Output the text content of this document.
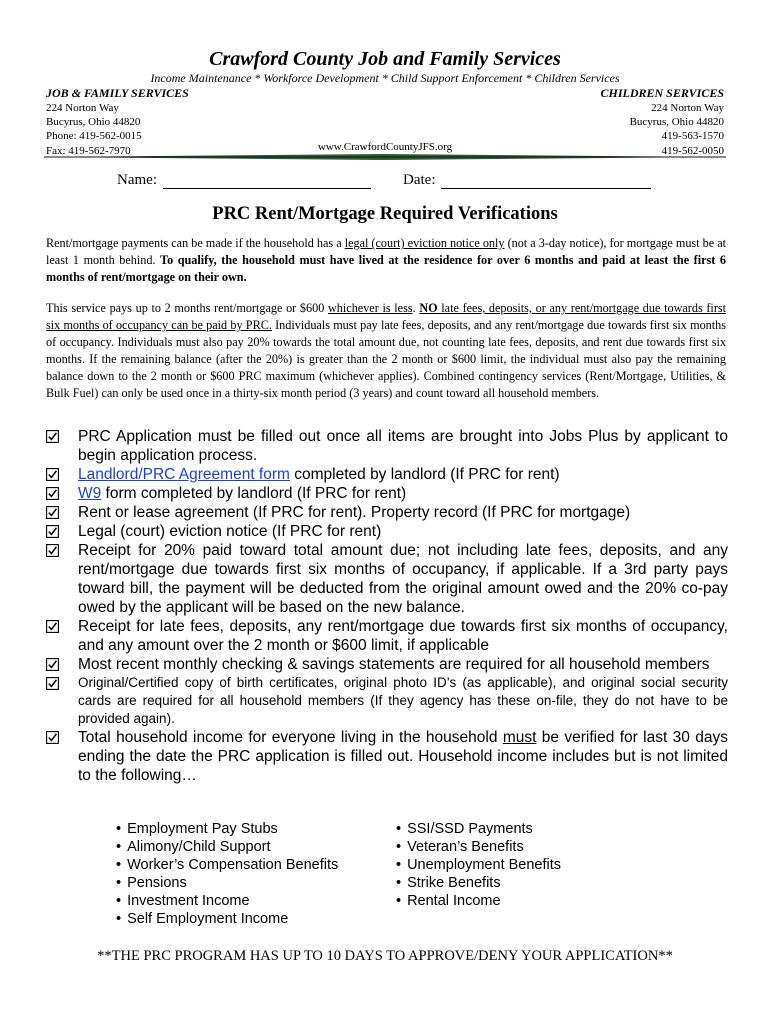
Crawford County Job and Family Services
Income Maintenance * Workforce Development * Child Support Enforcement * Children Services
JOB & FAMILY SERVICES	CHILDREN SERVICES
224 Norton Way
Bucyrus, Ohio 44820
Phone: 419-562-0015
Fax: 419-562-7970
224 Norton Way
Bucyrus, Ohio 44820
419-563-1570
419-562-0050
www.CrawfordCountyJFS.org
Name:	Date:
PRC Rent/Mortgage Required Verifications
Rent/mortgage payments can be made if the household has a legal (court) eviction notice only (not a 3-day notice), for mortgage must be at least 1 month behind. To qualify, the household must have lived at the residence for over 6 months and paid at least the first 6 months of rent/mortgage on their own.
This service pays up to 2 months rent/mortgage or $600 whichever is less. NO late fees, deposits, or any rent/mortgage due towards first six months of occupancy can be paid by PRC. Individuals must pay late fees, deposits, and any rent/mortgage due towards first six months of occupancy. Individuals must also pay 20% towards the total amount due, not counting late fees, deposits, and rent due towards first six months. If the remaining balance (after the 20%) is greater than the 2 month or $600 limit, the individual must also pay the remaining balance down to the 2 month or $600 PRC maximum (whichever applies). Combined contingency services (Rent/Mortgage, Utilities, & Bulk Fuel) can only be used once in a thirty-six month period (3 years) and count toward all household members.
PRC Application must be filled out once all items are brought into Jobs Plus by applicant to begin application process.
Landlord/PRC Agreement form completed by landlord (If PRC for rent)
W9 form completed by landlord (If PRC for rent)
Rent or lease agreement (If PRC for rent). Property record (If PRC for mortgage)
Legal (court) eviction notice (If PRC for rent)
Receipt for 20% paid toward total amount due; not including late fees, deposits, and any rent/mortgage due towards first six months of occupancy, if applicable. If a 3rd party pays toward bill, the payment will be deducted from the original amount owed and the 20% co-pay owed by the applicant will be based on the new balance.
Receipt for late fees, deposits, any rent/mortgage due towards first six months of occupancy, and any amount over the 2 month or $600 limit, if applicable
Most recent monthly checking & savings statements are required for all household members
Original/Certified copy of birth certificates, original photo ID’s (as applicable), and original social security cards are required for all household members (If they agency has these on-file, they do not have to be provided again).
Total household income for everyone living in the household must be verified for last 30 days ending the date the PRC application is filled out. Household income includes but is not limited to the following…
• Employment Pay Stubs
• Alimony/Child Support
• Worker’s Compensation Benefits
• Pensions
• Investment Income
• Self Employment Income
• SSI/SSD Payments
• Veteran’s Benefits
• Unemployment Benefits
• Strike Benefits
• Rental Income
**THE PRC PROGRAM HAS UP TO 10 DAYS TO APPROVE/DENY YOUR APPLICATION**
